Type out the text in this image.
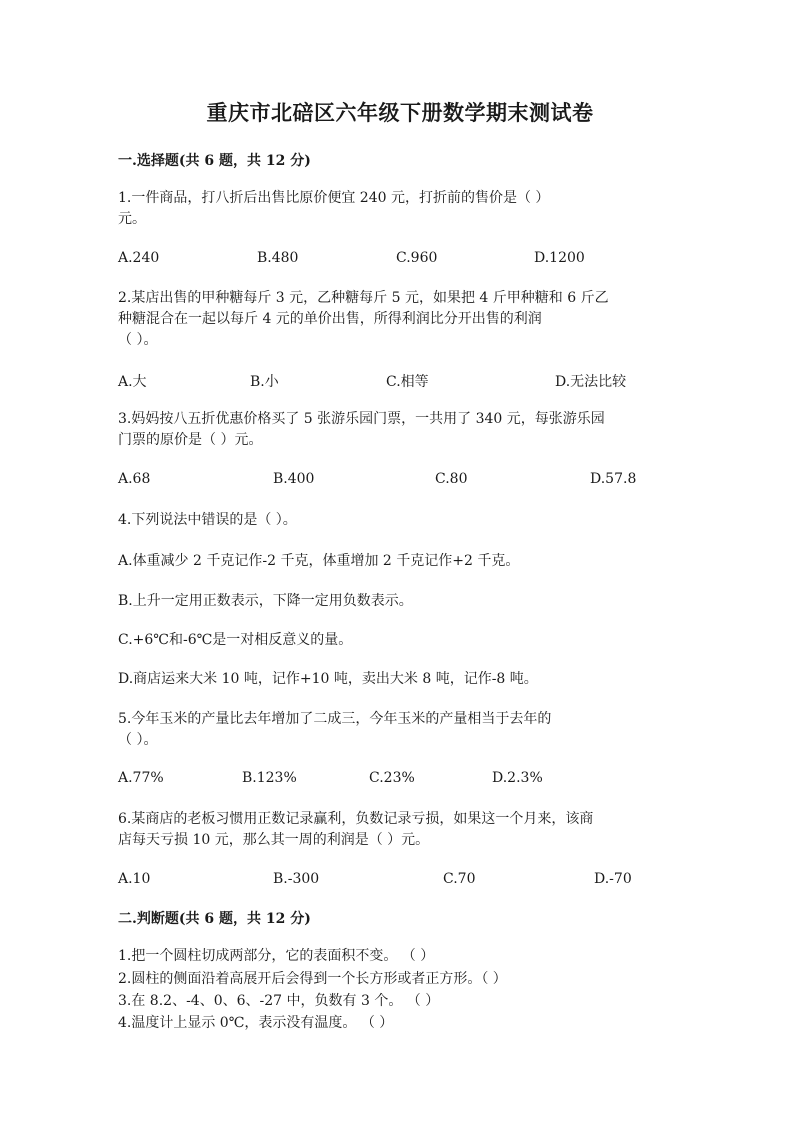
重庆市北碚区六年级下册数学期末测试卷
一.选择题(共 6 题，共 12 分)
1.一件商品，打八折后出售比原价便宜 240 元，打折前的售价是（ ）
元。
A.240	B.480	C.960	D.1200
2.某店出售的甲种糖每斤 3 元，乙种糖每斤 5 元，如果把 4 斤甲种糖和 6 斤乙
种糖混合在一起以每斤 4 元的单价出售，所得利润比分开出售的利润
（ ）。
A.大	B.小	C.相等	D.无法比较
3.妈妈按八五折优惠价格买了 5 张游乐园门票，一共用了 340 元，每张游乐园
门票的原价是（ ）元。
A.68	B.400	C.80	D.57.8
4.下列说法中错误的是（ ）。
A.体重减少 2 千克记作-2 千克，体重增加 2 千克记作+2 千克。
B.上升一定用正数表示，下降一定用负数表示。
C.+6℃和-6℃是一对相反意义的量。
D.商店运来大米 10 吨，记作+10 吨，卖出大米 8 吨，记作-8 吨。
5.今年玉米的产量比去年增加了二成三，今年玉米的产量相当于去年的
（ ）。
A.77%	B.123%	C.23%	D.2.3%
6.某商店的老板习惯用正数记录赢利，负数记录亏损，如果这一个月来，该商
店每天亏损 10 元，那么其一周的利润是（ ）元。
A.10	B.-300	C.70	D.-70
二.判断题(共 6 题，共 12 分)
1.把一个圆柱切成两部分，它的表面积不变。 （ ）
2.圆柱的侧面沿着高展开后会得到一个长方形或者正方形。（ ）
3.在 8.2、-4、0、6、-27 中，负数有 3 个。 （ ）
4.温度计上显示 0℃，表示没有温度。 （ ）
